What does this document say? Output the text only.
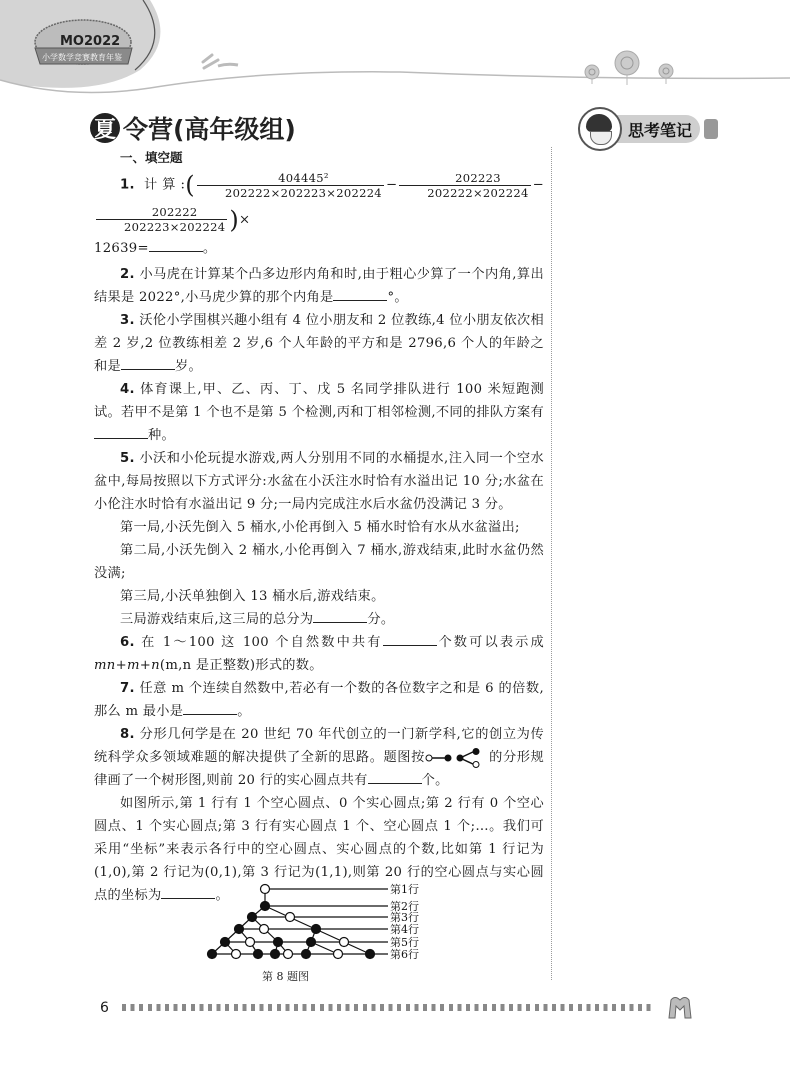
MO2022
小学数学竞赛教育年鉴
夏 令营(高年级组)	思考笔记
一、填空题

1. 计算:( $\frac{\text{404445²}}{202222\times 202223\times 202224} - \frac{202223}{202222\times 202224}$ −
$\frac{202222}{202223\times 202224}$ )×

12639=	。

2. 小马虎在计算某个凸多边形内角和时,由于粗心少算了一个内角,算出结果是 2022°,小马虎少算的那个内角是	°。

3. 沃伦小学围棋兴趣小组有 4 位小朋友和 2 位教练,4 位小朋友依次相差 2 岁,2 位教练相差 2 岁,6 个人年龄的平方和是 2796,6 个人的年龄之和是	岁。

4. 体育课上,甲、乙、丙、丁、戊 5 名同学排队进行 100 米短跑测试。若甲不是第 1 个也不是第 5 个检测,丙和丁相邻检测,不同的排队方案有种。

5. 小沃和小伦玩提水游戏,两人分别用不同的水桶提水,注入同一个空水盆中,每局按照以下方式评分:水盆在小沃注水时恰有水溢出记 10 分;水盆在小伦注水时恰有水溢出记 9 分;一局内完成注水后水盆仍没满记 3 分。

第一局,小沃先倒入 5 桶水,小伦再倒入 5 桶水时恰有水从水盆溢出;

第二局,小沃先倒入 2 桶水,小伦再倒入 7 桶水,游戏结束,此时水盆仍然没满;

第三局,小沃单独倒入 13 桶水后,游戏结束。

三局游戏结束后,这三局的总分为	分。

6. 在 1～100 这 100 个自然数中共有	个数可以表示成 mn+m+n(m,n 是正整数)形式的数。

7. 任意 m 个连续自然数中,若必有一个数的各位数字之和是 6 的倍数,那么 m 最小是	。

8. 分形几何学是在 20 世纪 70 年代创立的一门新学科,它的创立为传统科学众多领域难题的解决提供了全新的思路。题图按	的分形规律画了一个树形图,则前 20 行的实心圆点共有	个。

如图所示,第 1 行有 1 个空心圆点、0 个实心圆点;第 2 行有 0 个空心圆点、1 个实心圆点;第 3 行有实心圆点 1 个、空心圆点 1 个;…。我们可采用“坐标”来表示各行中的空心圆点、实心圆点的个数,比如第 1 行记为(1,0),第 2 行记为(0,1),第 3 行记为(1,1),则第 20 行的空心圆点与实心圆点的坐标为	。	第1行
第2行
第3行
第4行
第5行
第6行
第 8 题图
6
